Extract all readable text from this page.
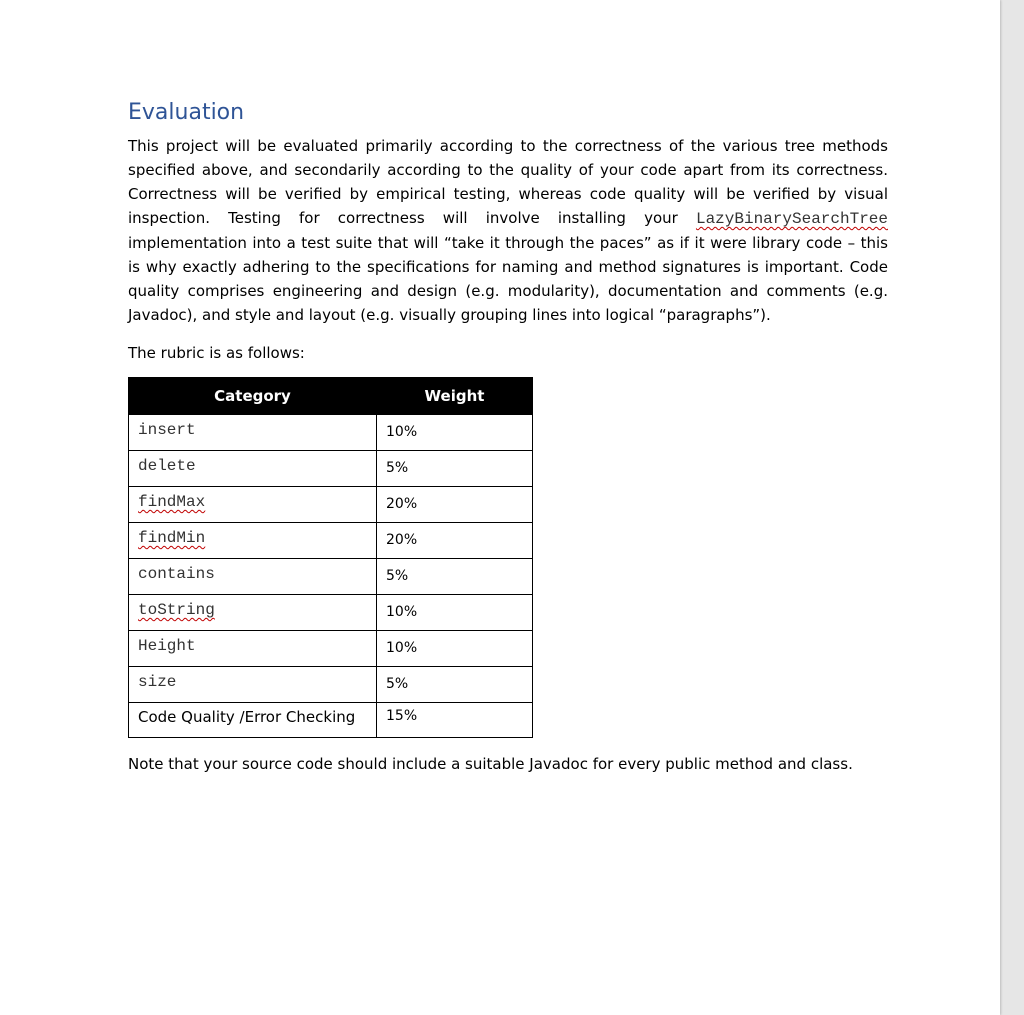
Evaluation

This project will be evaluated primarily according to the correctness of the various tree methods specified above, and secondarily according to the quality of your code apart from its correctness. Correctness will be verified by empirical testing, whereas code quality will be verified by visual inspection. Testing for correctness will involve installing your LazyBinarySearchTree implementation into a test suite that will “take it through the paces” as if it were library code – this is why exactly adhering to the specifications for naming and method signatures is important. Code quality comprises engineering and design (e.g. modularity), documentation and comments (e.g. Javadoc), and style and layout (e.g. visually grouping lines into logical “paragraphs”).

The rubric is as follows:

Category	Weight
insert	10%
delete	5%
findMax	20%
findMin	20%
contains	5%
toString	10%
Height	10%
size	5%
Code Quality /Error Checking	15%

Note that your source code should include a suitable Javadoc for every public method and class.
